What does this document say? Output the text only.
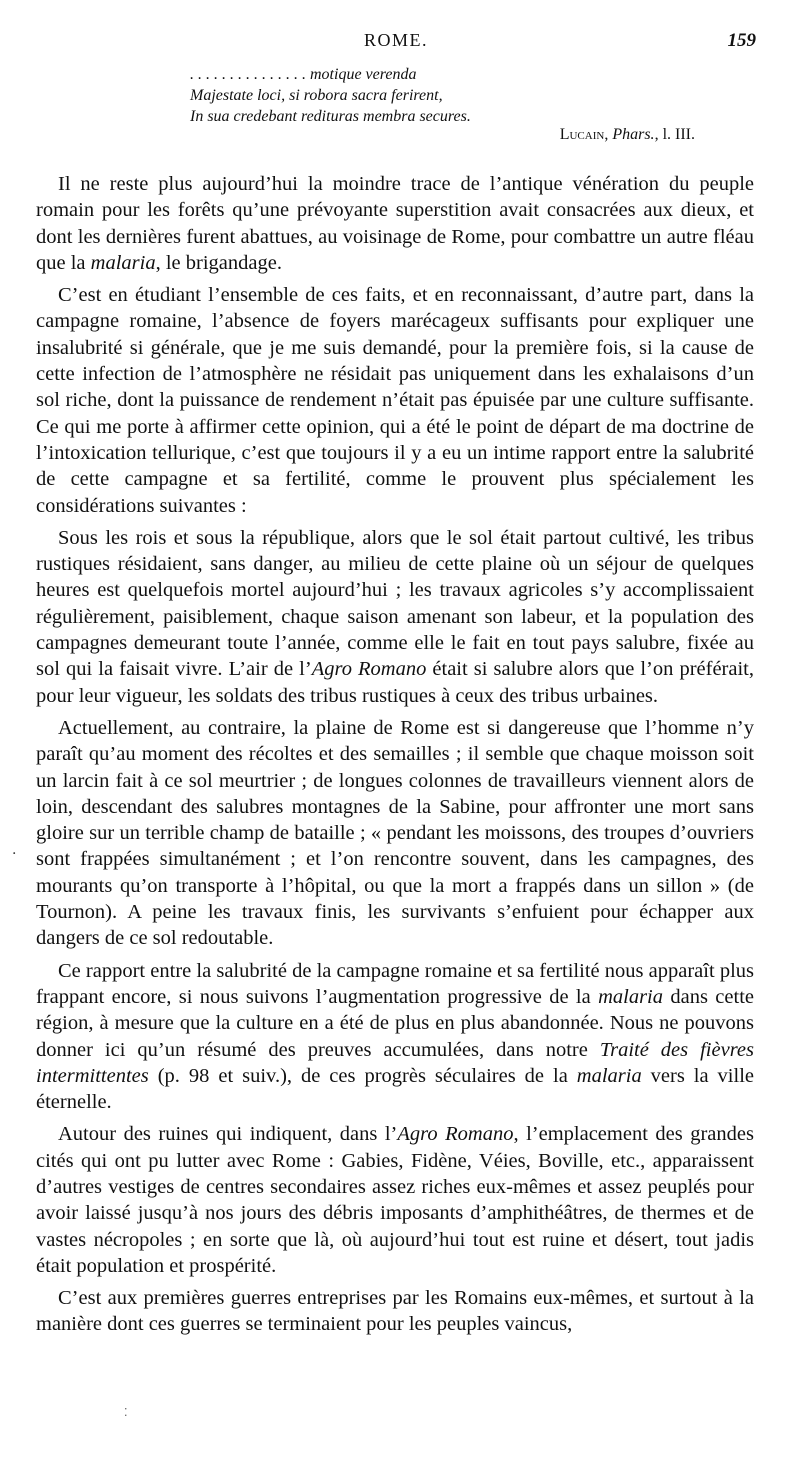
ROME.	159
. . . . . . . . . . . . . . . motique verenda
Majestate loci, si robora sacra ferirent,
In sua credebant redituras membra secures.
Lucain, Phars., l. III.

Il ne reste plus aujourd’hui la moindre trace de l’antique vénération du peuple romain pour les forêts qu’une prévoyante superstition avait consacrées aux dieux, et dont les dernières furent abattues, au voisinage de Rome, pour combattre un autre fléau que la malaria, le brigandage.

C’est en étudiant l’ensemble de ces faits, et en reconnaissant, d’autre part, dans la campagne romaine, l’absence de foyers marécageux suffisants pour expliquer une insalubrité si générale, que je me suis demandé, pour la première fois, si la cause de cette infection de l’atmosphère ne résidait pas uniquement dans les exhalaisons d’un sol riche, dont la puissance de rendement n’était pas épuisée par une culture suffisante. Ce qui me porte à affirmer cette opinion, qui a été le point de départ de ma doctrine de l’intoxication tellurique, c’est que toujours il y a eu un intime rapport entre la salubrité de cette campagne et sa fertilité, comme le prouvent plus spécialement les considérations suivantes :

Sous les rois et sous la république, alors que le sol était partout cultivé, les tribus rustiques résidaient, sans danger, au milieu de cette plaine où un séjour de quelques heures est quelquefois mortel aujourd’hui ; les travaux agricoles s’y accomplissaient régulièrement, paisiblement, chaque saison amenant son labeur, et la population des campagnes demeurant toute l’année, comme elle le fait en tout pays salubre, fixée au sol qui la faisait vivre. L’air de l’Agro Romano était si salubre alors que l’on préférait, pour leur vigueur, les soldats des tribus rustiques à ceux des tribus urbaines.

Actuellement, au contraire, la plaine de Rome est si dangereuse que l’homme n’y paraît qu’au moment des récoltes et des semailles ; il semble que chaque moisson soit un larcin fait à ce sol meurtrier ; de longues colonnes de travailleurs viennent alors de loin, descendant des salubres montagnes de la Sabine, pour affronter une mort sans gloire sur un terrible champ de bataille ; « pendant les moissons, des troupes d’ouvriers sont frappées simultanément ; et l’on rencontre souvent, dans les campagnes, des mourants qu’on transporte à l’hôpital, ou que la mort a frappés dans un sillon » (de Tournon). A peine les travaux finis, les survivants s’enfuient pour échapper aux dangers de ce sol redoutable.

Ce rapport entre la salubrité de la campagne romaine et sa fertilité nous apparaît plus frappant encore, si nous suivons l’augmentation progressive de la malaria dans cette région, à mesure que la culture en a été de plus en plus abandonnée. Nous ne pouvons donner ici qu’un résumé des preuves accumulées, dans notre Traité des fièvres intermittentes (p. 98 et suiv.), de ces progrès séculaires de la malaria vers la ville éternelle.

Autour des ruines qui indiquent, dans l’Agro Romano, l’emplacement des grandes cités qui ont pu lutter avec Rome : Gabies, Fidène, Véies, Boville, etc., apparaissent d’autres vestiges de centres secondaires assez riches eux-mêmes et assez peuplés pour avoir laissé jusqu’à nos jours des débris imposants d’amphithéâtres, de thermes et de vastes nécropoles ; en sorte que là, où aujourd’hui tout est ruine et désert, tout jadis était population et prospérité.

C’est aux premières guerres entreprises par les Romains eux-mêmes, et surtout à la manière dont ces guerres se terminaient pour les peuples vaincus,

·
⁚
